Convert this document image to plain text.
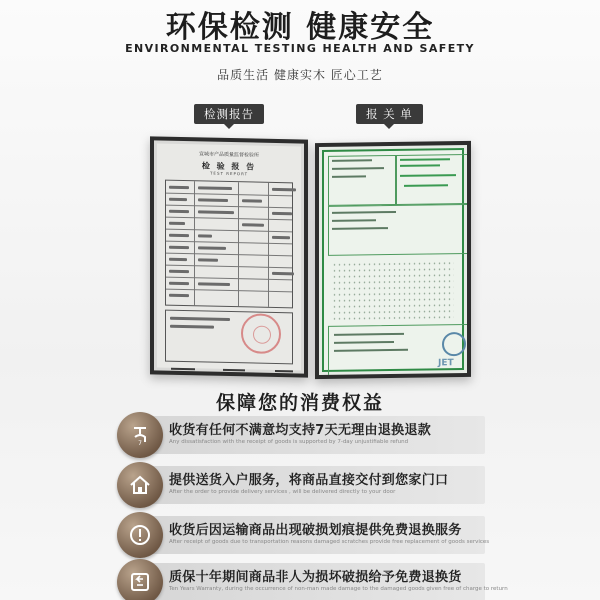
环保检测 健康安全
ENVIRONMENTAL TESTING HEALTH AND SAFETY
品质生活 健康实木 匠心工艺
检测报告	报 关 单
宣城市产品质量监督检验所
检 验 报 告
TEST REPORT
JET
保障您的消费权益
7
收货有任何不满意均支持7天无理由退换退款
Any dissatisfaction with the receipt of goods is supported by 7-day unjustifiable refund
提供送货入户服务，将商品直接交付到您家门口
After the order to provide delivery services , will be delivered directly to your door
收货后因运输商品出现破损划痕提供免费退换服务
After receipt of goods due to transportation reasons damaged scratches provide free replacement of goods services
质保十年期间商品非人为损坏破损给予免费退换货
Ten Years Warranty, during the occurrence of non-man made damage to the damaged goods given free of charge to return
